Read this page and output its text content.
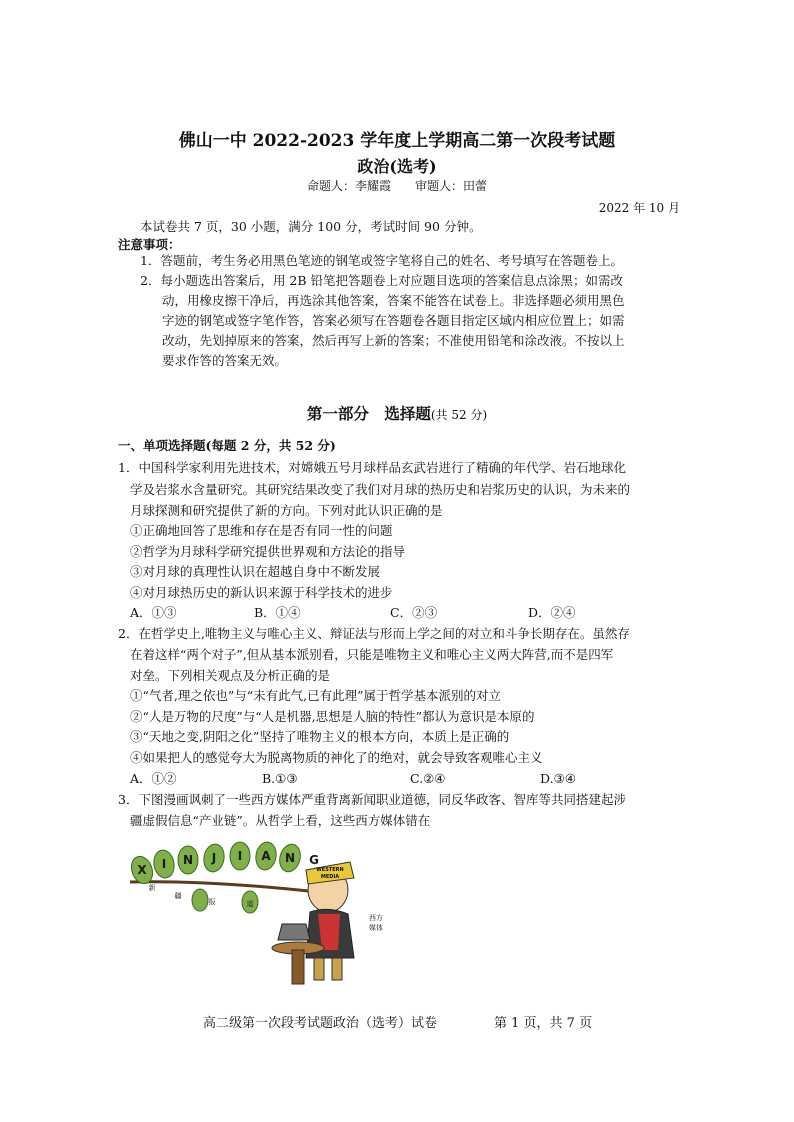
佛山一中 2022-2023 学年度上学期高二第一次段考试题
政治(选考)
命题人：李耀霞　　审题人：田蕾
2022 年 10 月
本试卷共 7 页，30 小题，满分 100 分，考试时间 90 分钟。
注意事项：
1．答题前，考生务必用黑色笔迹的钢笔或签字笔将自己的姓名、考号填写在答题卷上。
2．每小题选出答案后，用 2B 铅笔把答题卷上对应题目选项的答案信息点涂黑；如需改
动，用橡皮擦干净后，再选涂其他答案，答案不能答在试卷上。非选择题必须用黑色
字迹的钢笔或签字笔作答，答案必须写在答题卷各题目指定区域内相应位置上；如需
改动，先划掉原来的答案，然后再写上新的答案；不准使用铅笔和涂改液。不按以上
要求作答的答案无效。
第一部分　选择题(共 52 分)
一、单项选择题(每题 2 分，共 52 分)
1．中国科学家利用先进技术，对嫦娥五号月球样品玄武岩进行了精确的年代学、岩石地球化
学及岩浆水含量研究。其研究结果改变了我们对月球的热历史和岩浆历史的认识，为未来的
月球探测和研究提供了新的方向。下列对此认识正确的是
①正确地回答了思维和存在是否有同一性的问题
②哲学为月球科学研究提供世界观和方法论的指导
③对月球的真理性认识在超越自身中不断发展
④对月球热历史的新认识来源于科学技术的进步
A．①③	B．①④	C．②③	D．②④
2．在哲学史上,唯物主义与唯心主义、辩证法与形而上学之间的对立和斗争长期存在。虽然存
在着这样“两个对子”,但从基本派别看，只能是唯物主义和唯心主义两大阵营,而不是四军
对垒。下列相关观点及分析正确的是
①“气者,理之依也”与“未有此气,已有此理”属于哲学基本派别的对立
②“人是万物的尺度”与“人是机器,思想是人脑的特性”都认为意识是本原的
③“天地之变,阴阳之化”坚持了唯物主义的根本方向，本质上是正确的
④如果把人的感觉夸大为脱离物质的神化了的绝对，就会导致客观唯心主义
A．①②	B.①③	C.②④	D.③④
3．下图漫画讽刺了一些西方媒体严重背离新闻职业道德，同反华政客、智库等共同搭建起涉
疆虚假信息“产业链”。从哲学上看，这些西方媒体错在
X I N J I A N G
新
疆
报	道
WESTERN
MEDIA
西方
媒体
高二级第一次段考试题政治（选考）试卷	第 1 页，共 7 页
